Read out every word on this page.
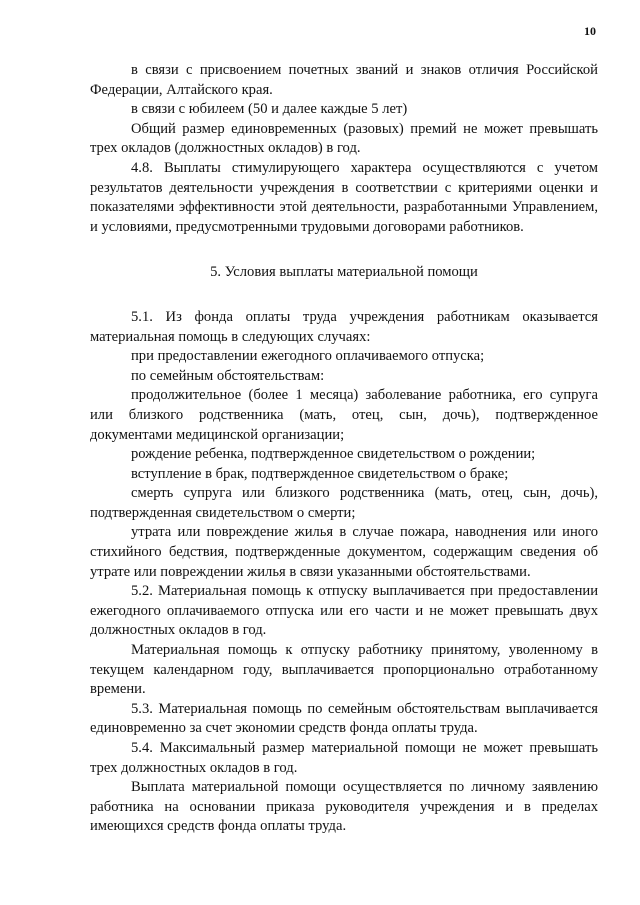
10

в связи с присвоением почетных званий и знаков отличия Российской Федерации, Алтайского края.

в связи с юбилеем (50 и далее каждые 5 лет)

Общий размер единовременных (разовых) премий не может превышать трех окладов (должностных окладов) в год.

4.8. Выплаты стимулирующего характера осуществляются с учетом результатов деятельности учреждения в соответствии с критериями оценки и показателями эффективности этой деятельности, разработанными Управлением, и условиями, предусмотренными трудовыми договорами работников.

5. Условия выплаты материальной помощи

5.1. Из фонда оплаты труда учреждения работникам оказывается материальная помощь в следующих случаях:

при предоставлении ежегодного оплачиваемого отпуска;

по семейным обстоятельствам:

продолжительное (более 1 месяца) заболевание работника, его супруга или близкого родственника (мать, отец, сын, дочь), подтвержденное документами медицинской организации;

рождение ребенка, подтвержденное свидетельством о рождении;

вступление в брак, подтвержденное свидетельством о браке;

смерть супруга или близкого родственника (мать, отец, сын, дочь), подтвержденная свидетельством о смерти;

утрата или повреждение жилья в случае пожара, наводнения или иного стихийного бедствия, подтвержденные документом, содержащим сведения об утрате или повреждении жилья в связи указанными обстоятельствами.

5.2. Материальная помощь к отпуску выплачивается при предоставлении ежегодного оплачиваемого отпуска или его части и не может превышать двух должностных окладов в год.

Материальная помощь к отпуску работнику принятому, уволенному в текущем календарном году, выплачивается пропорционально отработанному времени.

5.3. Материальная помощь по семейным обстоятельствам выплачивается единовременно за счет экономии средств фонда оплаты труда.

5.4. Максимальный размер материальной помощи не может превышать трех должностных окладов в год.

Выплата материальной помощи осуществляется по личному заявлению работника на основании приказа руководителя учреждения и в пределах имеющихся средств фонда оплаты труда.
